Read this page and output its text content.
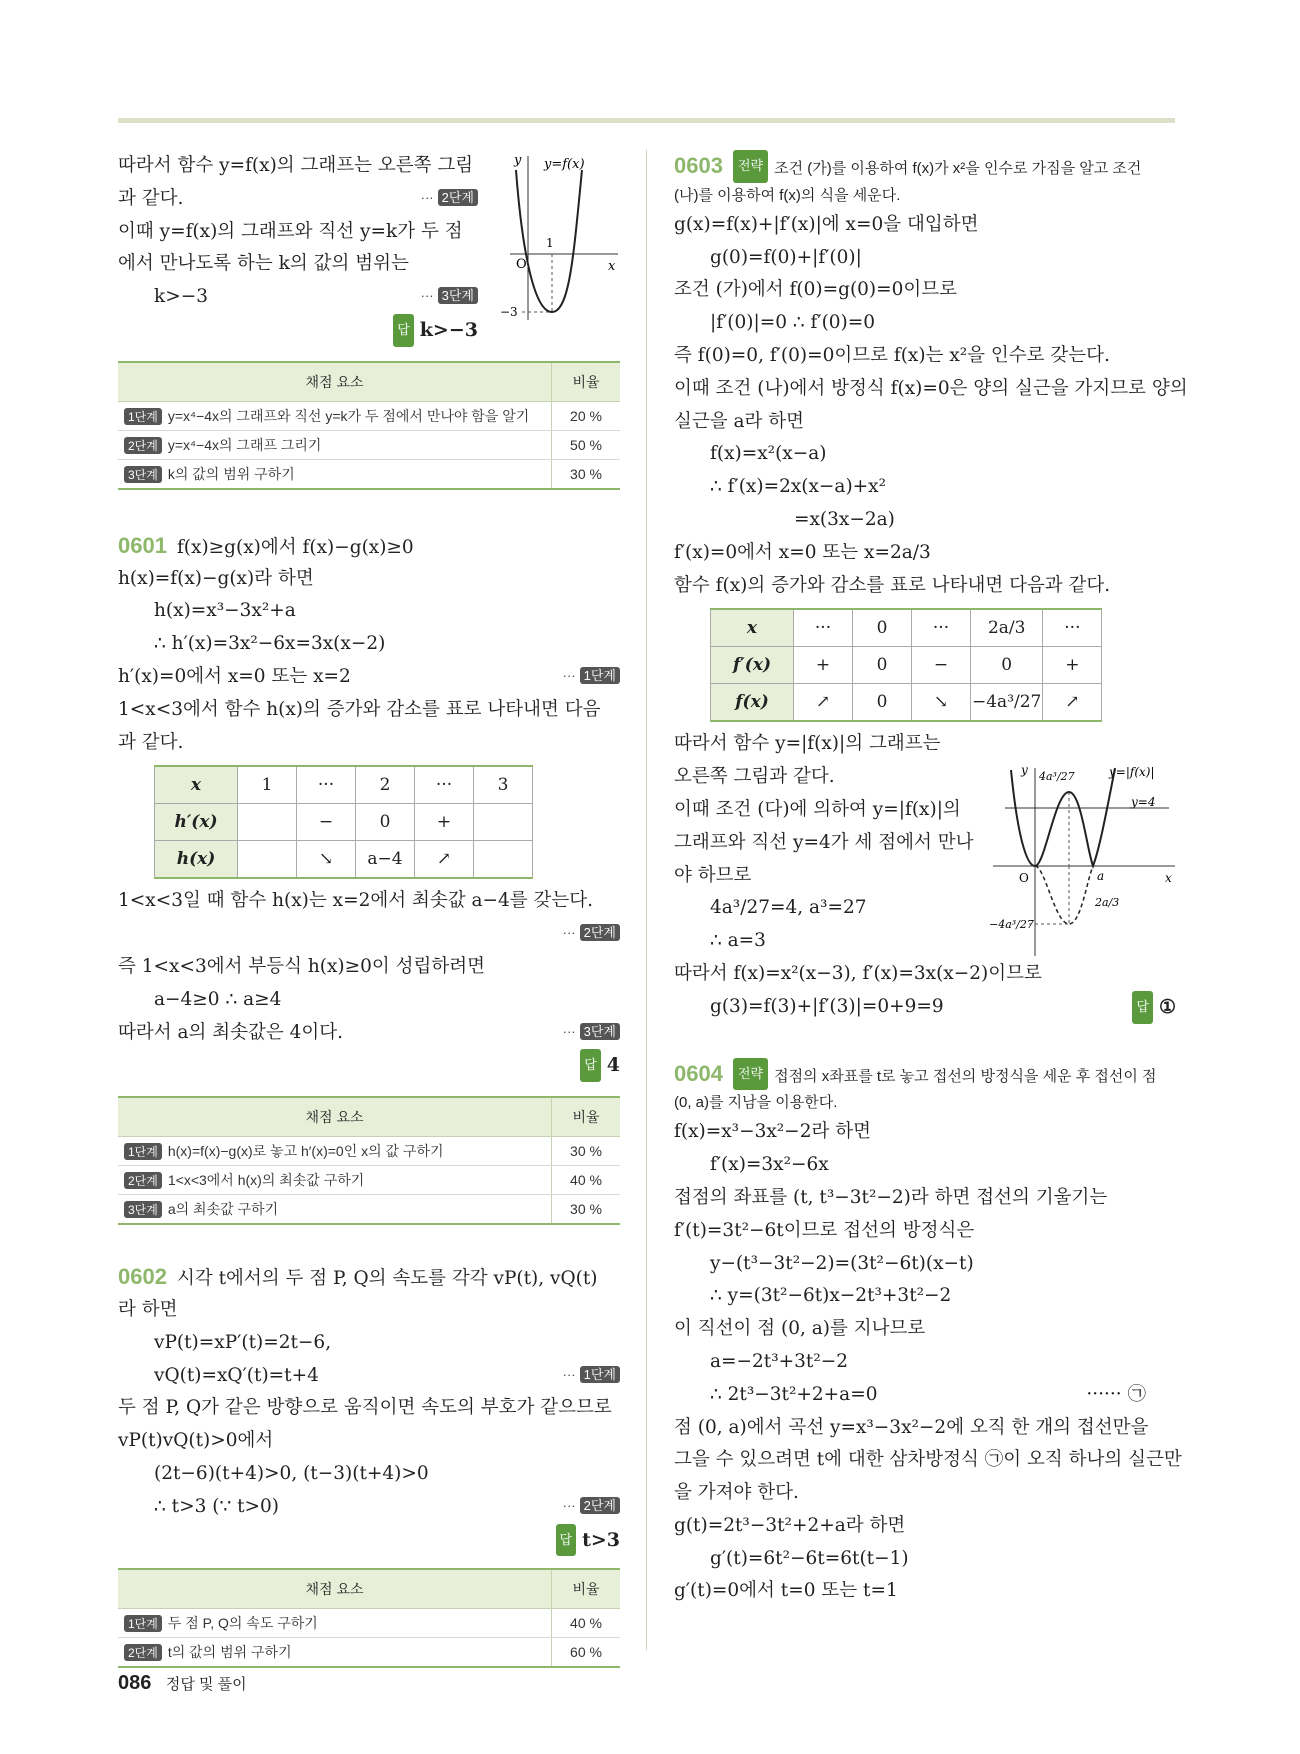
따라서 함수 y=f(x)의 그래프는 오른쪽 그림
과 같다.	··· 2단계
이때 y=f(x)의 그래프와 직선 y=k가 두 점
에서 만나도록 하는 k의 값의 범위는
k>−3	··· 3단계
답 k>−3
y y=f(x)
x
O
1
−3
채점 요소	비율
1단계 y=x⁴−4x의 그래프와 직선 y=k가 두 점에서 만나야 함을 알기	20 %
2단계 y=x⁴−4x의 그래프 그리기	50 %
3단계 k의 값의 범위 구하기	30 %
0601 f(x)≥g(x)에서 f(x)−g(x)≥0
h(x)=f(x)−g(x)라 하면
h(x)=x³−3x²+a
∴ h′(x)=3x²−6x=3x(x−2)
h′(x)=0에서 x=0 또는 x=2	··· 1단계
1<x<3에서 함수 h(x)의 증가와 감소를 표로 나타내면 다음
과 같다.
x	1	···	2	···	3
h′(x)		−	0	+	
h(x)		↘	a−4	↗	
1<x<3일 때 함수 h(x)는 x=2에서 최솟값 a−4를 갖는다.
··· 2단계
즉 1<x<3에서 부등식 h(x)≥0이 성립하려면
a−4≥0 ∴ a≥4
따라서 a의 최솟값은 4이다.	··· 3단계
답 4
채점 요소	비율
1단계 h(x)=f(x)−g(x)로 놓고 h′(x)=0인 x의 값 구하기	30 %
2단계 1<x<3에서 h(x)의 최솟값 구하기	40 %
3단계 a의 최솟값 구하기	30 %
0602 시각 t에서의 두 점 P, Q의 속도를 각각 vP(t), vQ(t)
라 하면
vP(t)=xP′(t)=2t−6,
vQ(t)=xQ′(t)=t+4	··· 1단계
두 점 P, Q가 같은 방향으로 움직이면 속도의 부호가 같으므로
vP(t)vQ(t)>0에서
(2t−6)(t+4)>0, (t−3)(t+4)>0
∴ t>3 (∵ t>0)	··· 2단계
답 t>3
채점 요소	비율
1단계 두 점 P, Q의 속도 구하기	40 %
2단계 t의 값의 범위 구하기	60 %
0603 전략 조건 (가)를 이용하여 f(x)가 x²을 인수로 가짐을 알고 조건
(나)를 이용하여 f(x)의 식을 세운다.
g(x)=f(x)+|f′(x)|에 x=0을 대입하면
g(0)=f(0)+|f′(0)|
조건 (가)에서 f(0)=g(0)=0이므로
|f′(0)|=0 ∴ f′(0)=0
즉 f(0)=0, f′(0)=0이므로 f(x)는 x²을 인수로 갖는다.
이때 조건 (나)에서 방정식 f(x)=0은 양의 실근을 가지므로 양의
실근을 a라 하면
f(x)=x²(x−a)
∴ f′(x)=2x(x−a)+x²
=x(3x−2a)
f′(x)=0에서 x=0 또는 x=2a/3
함수 f(x)의 증가와 감소를 표로 나타내면 다음과 같다.
x	···	0	···	2a/3	···
f′(x)	+	0	−	0	+
f(x)	↗	0	↘	−4a³/27	↗
따라서 함수 y=|f(x)|의 그래프는
오른쪽 그림과 같다.
이때 조건 (다)에 의하여 y=|f(x)|의
그래프와 직선 y=4가 세 점에서 만나
야 하므로
4a³/27=4, a³=27
∴ a=3
따라서 f(x)=x²(x−3), f′(x)=3x(x−2)이므로
g(3)=f(3)+|f′(3)|=0+9=9	답 ①
y 4a³/27	y=|f(x)|
y=4
O	a	x
2a/3
−4a³/27
0604 전략 접점의 x좌표를 t로 놓고 접선의 방정식을 세운 후 접선이 점
(0, a)를 지남을 이용한다.
f(x)=x³−3x²−2라 하면
f′(x)=3x²−6x
접점의 좌표를 (t, t³−3t²−2)라 하면 접선의 기울기는
f′(t)=3t²−6t이므로 접선의 방정식은
y−(t³−3t²−2)=(3t²−6t)(x−t)
∴ y=(3t²−6t)x−2t³+3t²−2
이 직선이 점 (0, a)를 지나므로
a=−2t³+3t²−2
∴ 2t³−3t²+2+a=0	······ ㉠
점 (0, a)에서 곡선 y=x³−3x²−2에 오직 한 개의 접선만을
그을 수 있으려면 t에 대한 삼차방정식 ㉠이 오직 하나의 실근만
을 가져야 한다.
g(t)=2t³−3t²+2+a라 하면
g′(t)=6t²−6t=6t(t−1)
g′(t)=0에서 t=0 또는 t=1
086 정답 및 풀이
